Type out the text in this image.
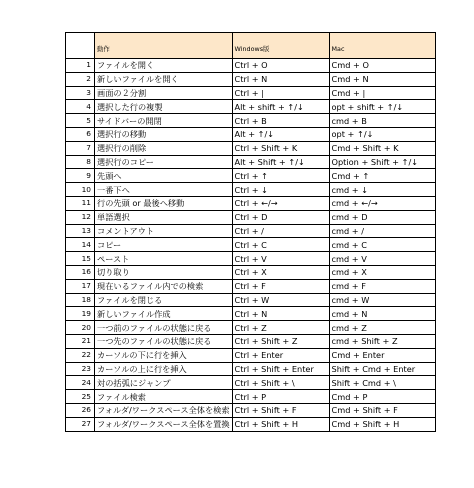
	動作	Windows版	Mac
1	ファイルを開く	Ctrl + O	Cmd + O
2	新しいファイルを開く	Ctrl + N	Cmd + N
3	画面の２分割	Ctrl + |	Cmd + |
4	選択した行の複製	Alt + shift + ↑/↓	opt + shift + ↑/↓
5	サイドバーの開閉	Ctrl + B	cmd + B
6	選択行の移動	Alt + ↑/↓	opt + ↑/↓
7	選択行の削除	Ctrl + Shift + K	Cmd + Shift + K
8	選択行のコピー	Alt + Shift + ↑/↓	Option + Shift + ↑/↓
9	先頭へ	Ctrl + ↑	Cmd + ↑
10	一番下へ	Ctrl + ↓	cmd + ↓
11	行の先頭 or 最後へ移動	Ctrl + ←/→	cmd + ←/→
12	単語選択	Ctrl + D	cmd + D
13	コメントアウト	Ctrl + /	cmd + /
14	コピー	Ctrl + C	cmd + C
15	ペースト	Ctrl + V	cmd + V
16	切り取り	Ctrl + X	cmd + X
17	現在いるファイル内での検索	Ctrl + F	cmd + F
18	ファイルを閉じる	Ctrl + W	cmd + W
19	新しいファイル作成	Ctrl + N	cmd + N
20	一つ前のファイルの状態に戻る	Ctrl + Z	cmd + Z
21	一つ先のファイルの状態に戻る	Ctrl + Shift + Z	cmd + Shift + Z
22	カーソルの下に行を挿入	Ctrl + Enter	Cmd + Enter
23	カーソルの上に行を挿入	Ctrl + Shift + Enter	Shift + Cmd + Enter
24	対の括弧にジャンプ	Ctrl + Shift + \	Shift + Cmd + \
25	ファイル検索	Ctrl + P	Cmd + P
26	フォルダ/ワークスペース全体を検索	Ctrl + Shift + F	Cmd + Shift + F
27	フォルダ/ワークスペース全体を置換	Ctrl + Shift + H	Cmd + Shift + H
